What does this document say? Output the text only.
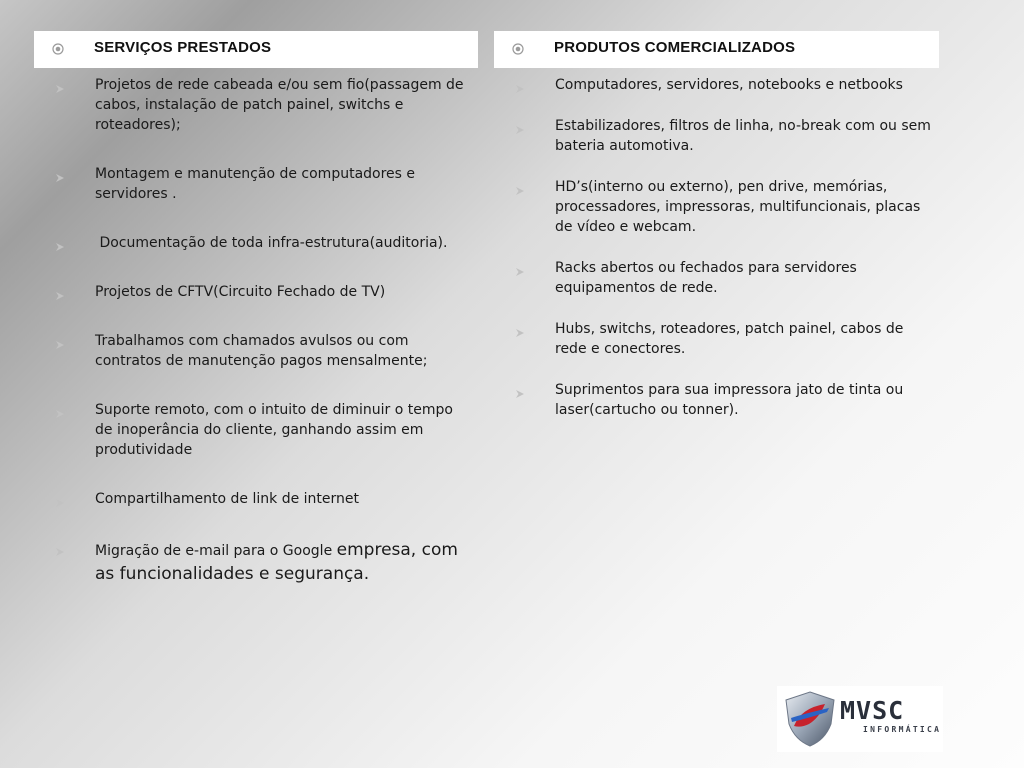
SERVIÇOS PRESTADOS	PRODUTOS COMERCIALIZADOS
Projetos de rede cabeada e/ou sem fio(passagem de cabos, instalação de patch painel, switchs e roteadores);
Montagem e manutenção de computadores e servidores .
Documentação de toda infra-estrutura(auditoria).
Projetos de CFTV(Circuito Fechado de TV)
Trabalhamos com chamados avulsos ou com contratos de manutenção pagos mensalmente;
Suporte remoto, com o intuito de diminuir o tempo de inoperância do cliente, ganhando assim em produtividade
Compartilhamento de link de internet
Migração de e-mail para o Google empresa, com as funcionalidades e segurança.
Computadores, servidores, notebooks e netbooks
Estabilizadores, filtros de linha, no-break com ou sem bateria automotiva.
HD’s(interno ou externo), pen drive, memórias, processadores, impressoras, multifuncionais, placas de vídeo e webcam.
Racks abertos ou fechados para servidores equipamentos de rede.
Hubs, switchs, roteadores, patch painel, cabos de rede e conectores.
Suprimentos para sua impressora jato de tinta ou laser(cartucho ou tonner).
MVSC
INFORMÁTICA
